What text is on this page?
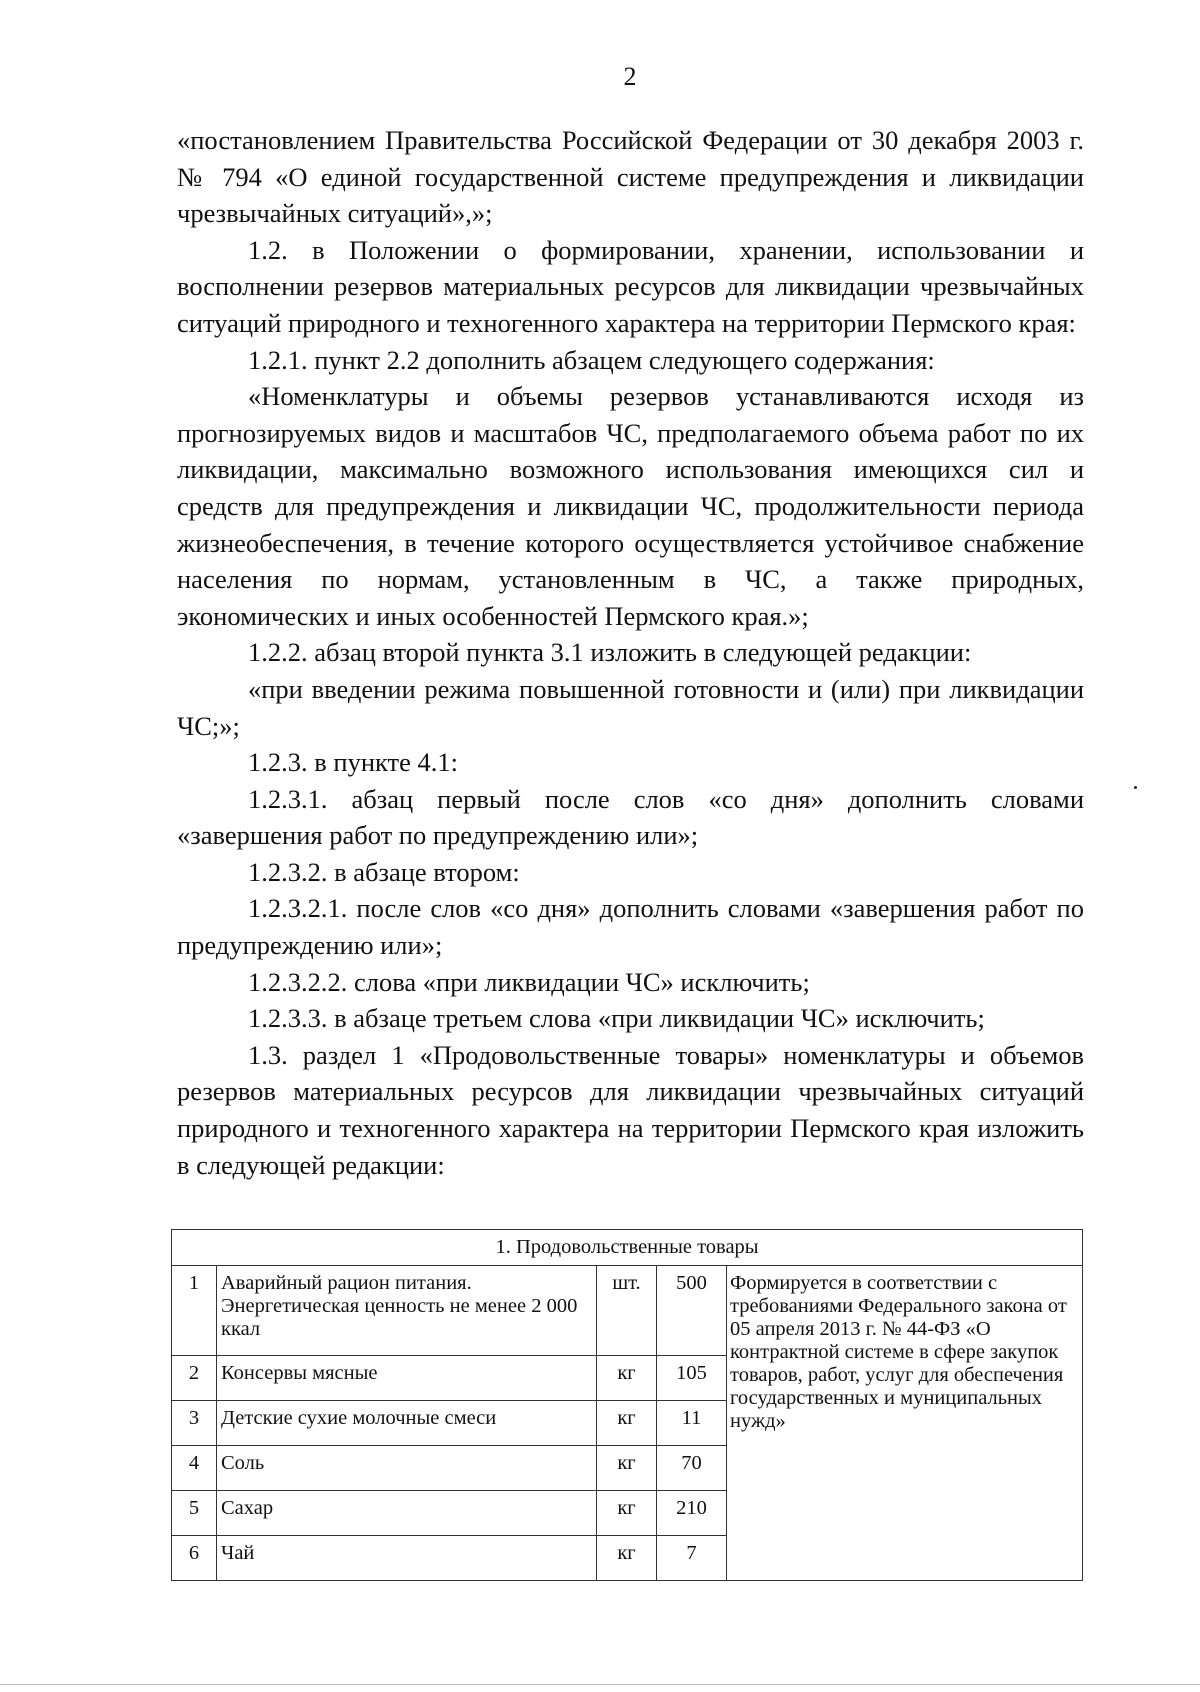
2

«постановлением Правительства Российской Федерации от 30 декабря 2003 г. № 794 «О единой государственной системе предупреждения и ликвидации чрезвычайных ситуаций»,»;

1.2. в Положении о формировании, хранении, использовании и восполнении резервов материальных ресурсов для ликвидации чрезвычайных ситуаций природного и техногенного характера на территории Пермского края:

1.2.1. пункт 2.2 дополнить абзацем следующего содержания:

«Номенклатуры и объемы резервов устанавливаются исходя из прогнозируемых видов и масштабов ЧС, предполагаемого объема работ по их ликвидации, максимально возможного использования имеющихся сил и средств для предупреждения и ликвидации ЧС, продолжительности периода жизнеобеспечения, в течение которого осуществляется устойчивое снабжение населения по нормам, установленным в ЧС, а также природных, экономических и иных особенностей Пермского края.»;

1.2.2. абзац второй пункта 3.1 изложить в следующей редакции:

«при введении режима повышенной готовности и (или) при ликвидации ЧС;»;

1.2.3. в пункте 4.1:

1.2.3.1. абзац первый после слов «со дня» дополнить словами «завершения работ по предупреждению или»;

1.2.3.2. в абзаце втором:

1.2.3.2.1. после слов «со дня» дополнить словами «завершения работ по предупреждению или»;

1.2.3.2.2. слова «при ликвидации ЧС» исключить;

1.2.3.3. в абзаце третьем слова «при ликвидации ЧС» исключить;

1.3. раздел 1 «Продовольственные товары» номенклатуры и объемов резервов материальных ресурсов для ликвидации чрезвычайных ситуаций природного и техногенного характера на территории Пермского края изложить в следующей редакции:

1. Продовольственные товары				
1	Аварийный рацион питания. Энергетическая ценность не менее 2 000 ккал	шт.	500	Формируется в соответствии с требованиями Федерального закона от 05 апреля 2013 г. № 44-ФЗ «О контрактной системе в сфере закупок товаров, работ, услуг для обеспечения государственных и муниципальных нужд»
2	Консервы мясные	кг	105	
3	Детские сухие молочные смеси	кг	11	
4	Соль	кг	70	
5	Сахар	кг	210	
6	Чай	кг	7	
